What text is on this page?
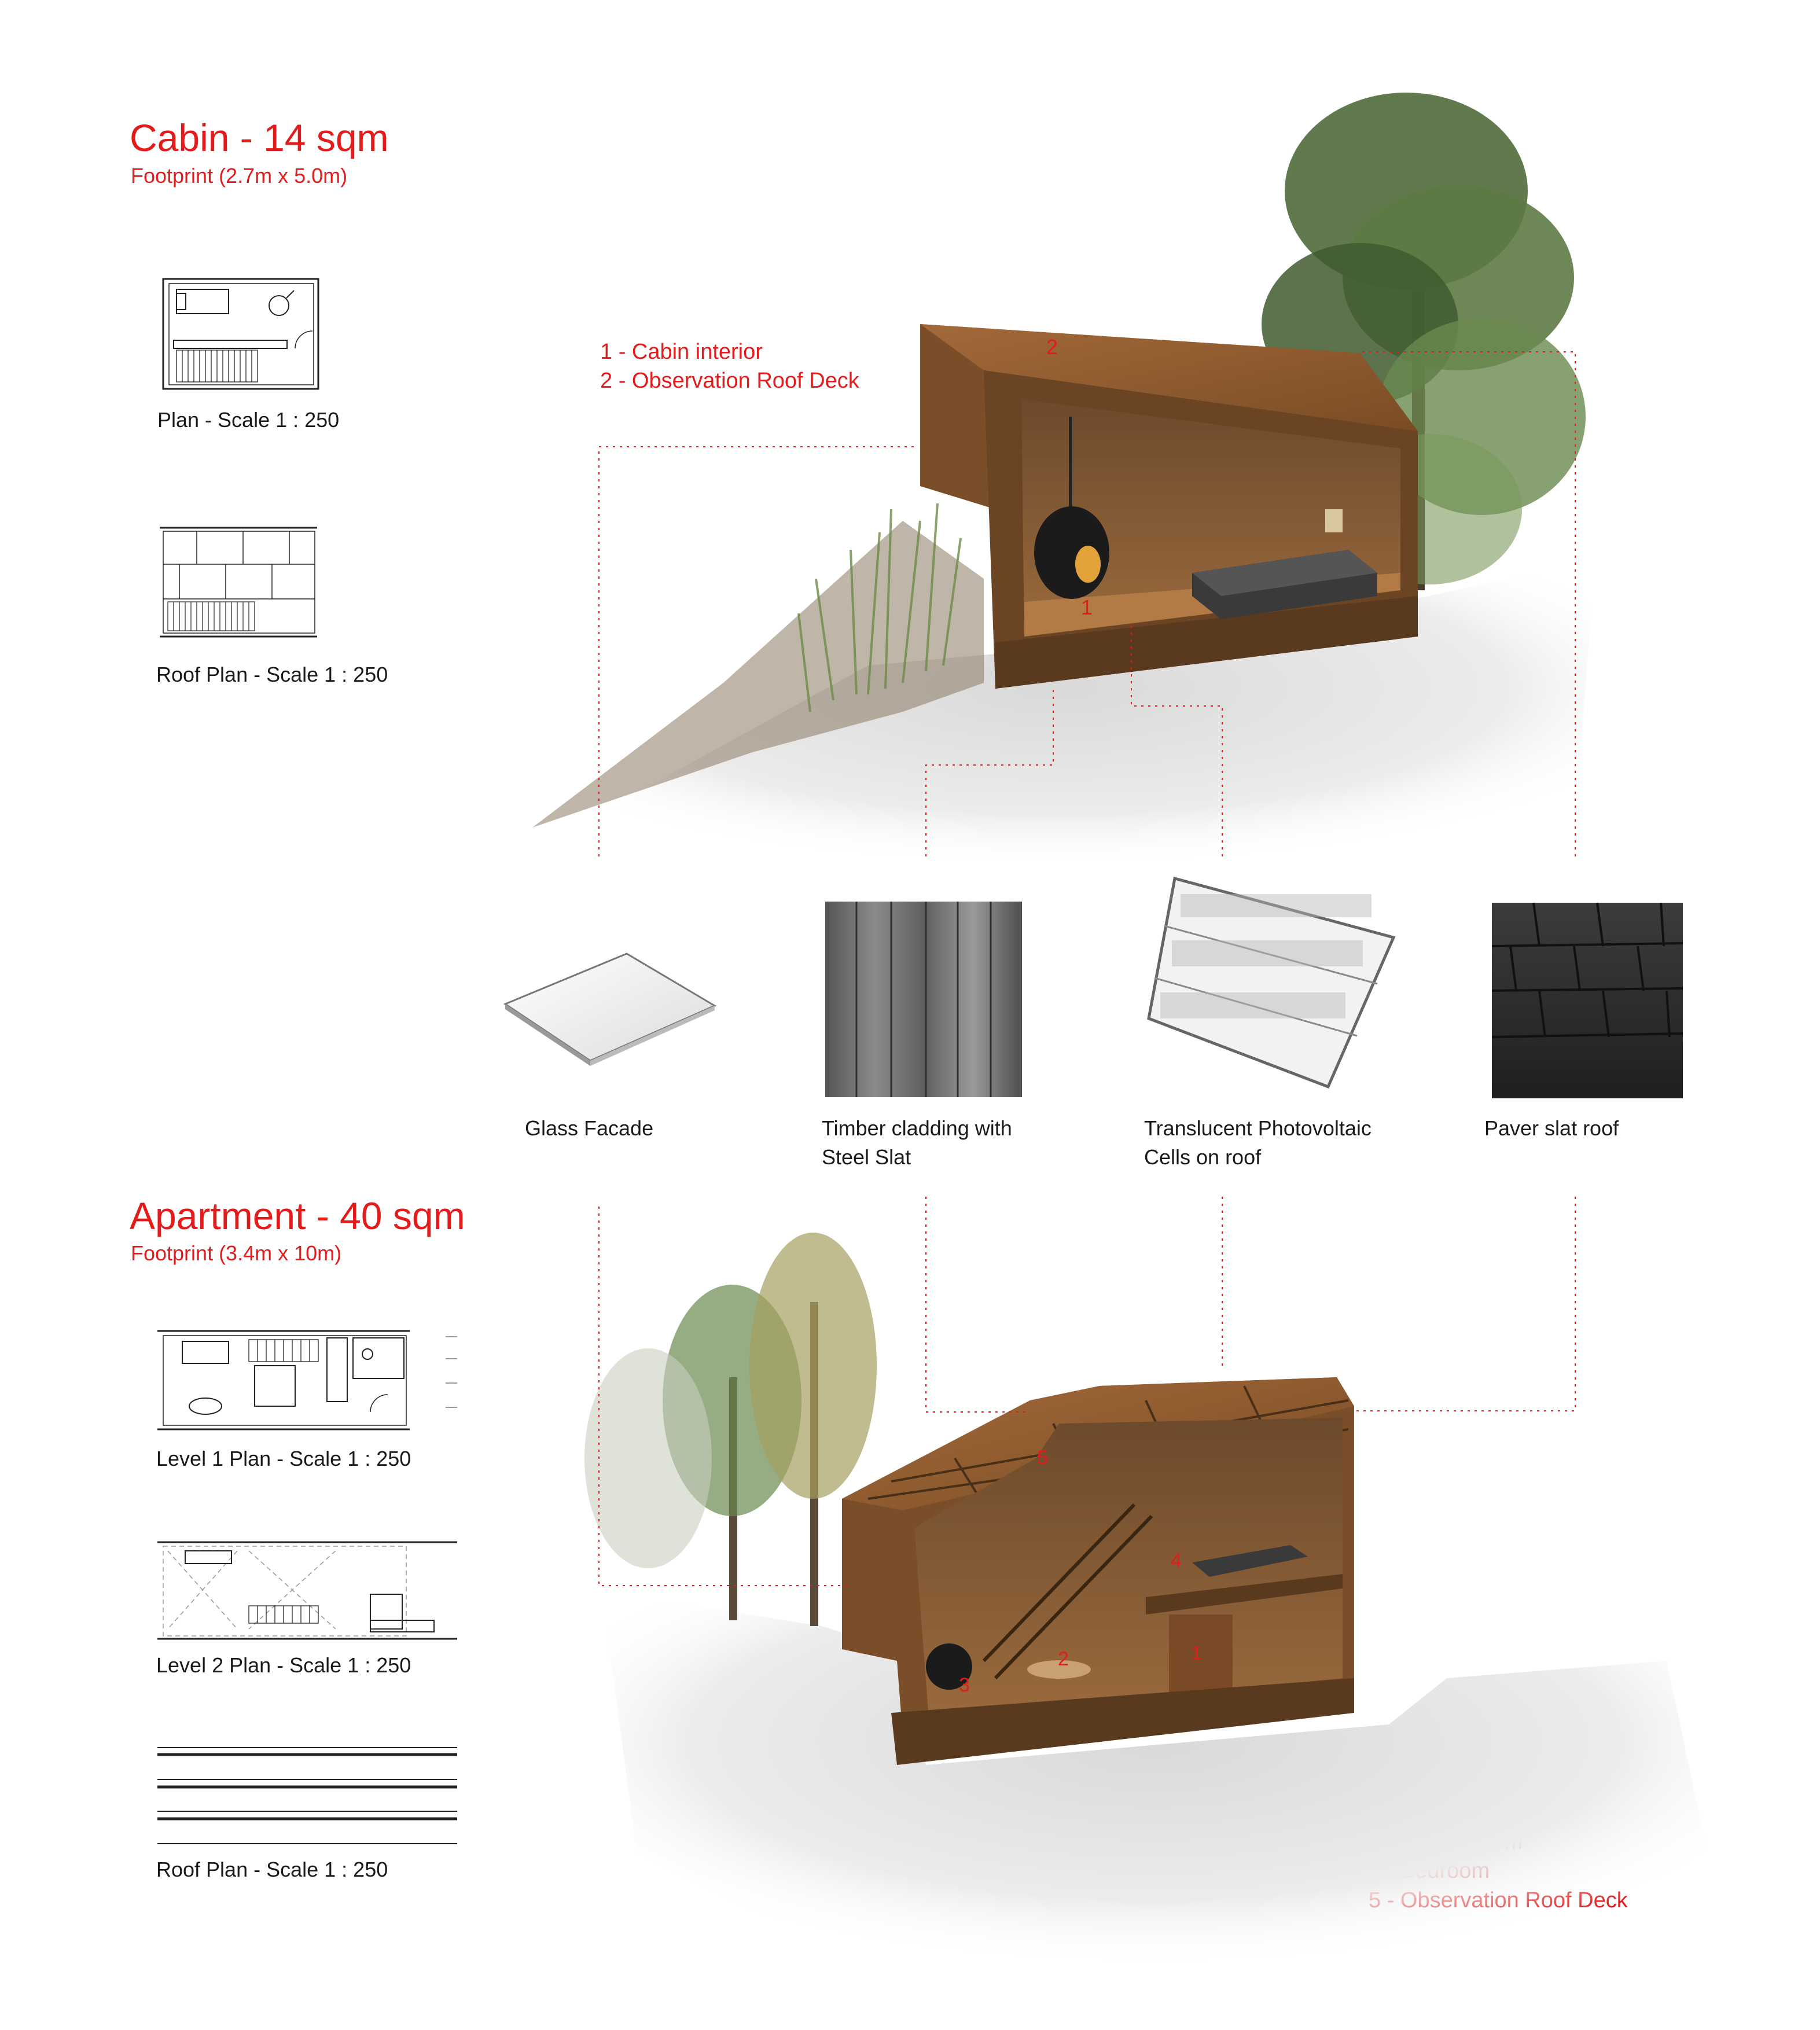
Cabin - 14 sqm
Footprint (2.7m x 5.0m)
Plan - Scale 1 : 250
Roof Plan - Scale 1 : 250
1 - Cabin interior
2 - Observation Roof Deck
Glass Facade	Timber cladding with
Steel Slat
Translucent Photovoltaic
Cells on roof
Paver slat roof
Apartment - 40 sqm
Footprint (3.4m x 10m)
Level 1 Plan - Scale 1 : 250
Level 2 Plan - Scale 1 : 250
Roof Plan - Scale 1 : 250
2
1
5
4
1
2
3
